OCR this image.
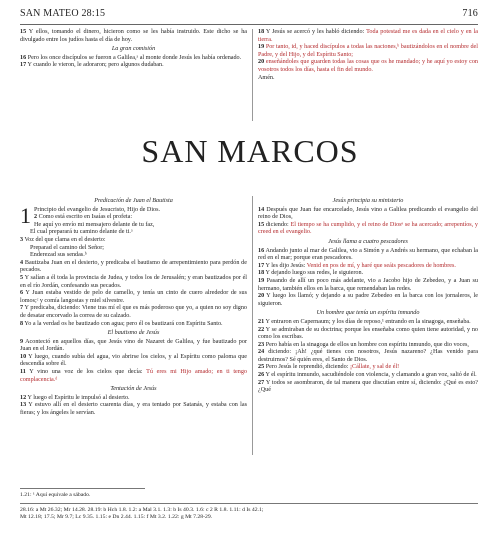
SAN MATEO 28:15	716

15 Y ellos, tomando el dinero, hicieron como se les había instruido. Este dicho se ha divulgado entre los judíos hasta el día de hoy.

La gran comisión

16 Pero los once discípulos se fueron a Galilea,ᵃ al monte donde Jesús les había ordenado.

17 Y cuando le vieron, le adoraron; pero algunos dudaban.

18 Y Jesús se acercó y les habló diciendo: Toda potestad me es dada en el cielo y en la tierra.

19 Por tanto, id, y haced discípulos a todas las naciones,ᵇ bautizándolos en el nombre del Padre, y del Hijo, y del Espíritu Santo;

20 enseñándoles que guarden todas las cosas que os he mandado; y he aquí yo estoy con vosotros todos los días, hasta el fin del mundo.

Amén.

SAN MARCOS

Predicación de Juan el Bautista

1 Principio del evangelio de Jesucristo, Hijo de Dios.

2 Como está escrito en Isaías el profeta:

He aquí yo envío mi mensajero delante de tu faz,

El cual preparará tu camino delante de ti.ᵃ

3 Voz del que clama en el desierto:

Preparad el camino del Señor;

Enderezad sus sendas.ᵇ

4 Bautizaba Juan en el desierto, y predicaba el bautismo de arrepentimiento para perdón de pecados.

5 Y salían a él toda la provincia de Judea, y todos los de Jerusalén; y eran bautizados por él en el río Jordán, confesando sus pecados.

6 Y Juan estaba vestido de pelo de camello, y tenía un cinto de cuero alrededor de sus lomos;ᶜ y comía langostas y miel silvestre.

7 Y predicaba, diciendo: Viene tras mí el que es más poderoso que yo, a quien no soy digno de desatar encorvado la correa de su calzado.

8 Yo a la verdad os he bautizado con agua; pero él os bautizará con Espíritu Santo.

El bautismo de Jesús

9 Aconteció en aquellos días, que Jesús vino de Nazaret de Galilea, y fue bautizado por Juan en el Jordán.

10 Y luego, cuando subía del agua, vio abrirse los cielos, y al Espíritu como paloma que descendía sobre él.

11 Y vino una voz de los cielos que decía: Tú eres mi Hijo amado; en ti tengo complacencia.ᵈ

Tentación de Jesús

12 Y luego el Espíritu le impulsó al desierto.

13 Y estuvo allí en el desierto cuarenta días, y era tentado por Satanás, y estaba con las fieras; y los ángeles le servían.

Jesús principia su ministerio

14 Después que Juan fue encarcelado, Jesús vino a Galilea predicando el evangelio del reino de Dios,

15 diciendo: El tiempo se ha cumplido, y el reino de Diosᵉ se ha acercado; arrepentíos, y creed en el evangelio.

Jesús llama a cuatro pescadores

16 Andando junto al mar de Galilea, vio a Simón y a Andrés su hermano, que echaban la red en el mar; porque eran pescadores.

17 Y les dijo Jesús: Venid en pos de mí, y haré que seáis pescadores de hombres.

18 Y dejando luego sus redes, le siguieron.

19 Pasando de allí un poco más adelante, vio a Jacobo hijo de Zebedeo, y a Juan su hermano, también ellos en la barca, que remendaban las redes.

20 Y luego los llamó; y dejando a su padre Zebedeo en la barca con los jornaleros, le siguieron.

Un hombre que tenía un espíritu inmundo

21 Y entraron en Capernaum; y los días de reposo,¹ entrando en la sinagoga, enseñaba.

22 Y se admiraban de su doctrina; porque les enseñaba como quien tiene autoridad, y no como los escribas.

23 Pero había en la sinagoga de ellos un hombre con espíritu inmundo, que dio voces,

24 diciendo: ¡Ah! ¿qué tienes con nosotros, Jesús nazareno? ¿Has venido para destruirnos? Sé quién eres, el Santo de Dios.

25 Pero Jesús le reprendió, diciendo: ¡Cállate, y sal de él!

26 Y el espíritu inmundo, sacudiéndole con violencia, y clamando a gran voz, salió de él.

27 Y todos se asombraron, de tal manera que discutían entre sí, diciendo: ¿Qué es esto? ¿Qué

1.21: ¹ Aquí equivale a sábado.
28.16: a Mt 26.32; Mr 14.28. 28.19: b Hch 1.8. 1.2: a Mal 3.1. 1.3: b Is 40.3. 1.6: c 2 R 1.8. 1.11: d Is 42.1;
Mt 12.18; 17.5; Mr 9.7; Lc 9.35. 1.15: e Dn 2.44. 1.15: f Mt 3.2. 1.22: g Mt 7.28-29.
